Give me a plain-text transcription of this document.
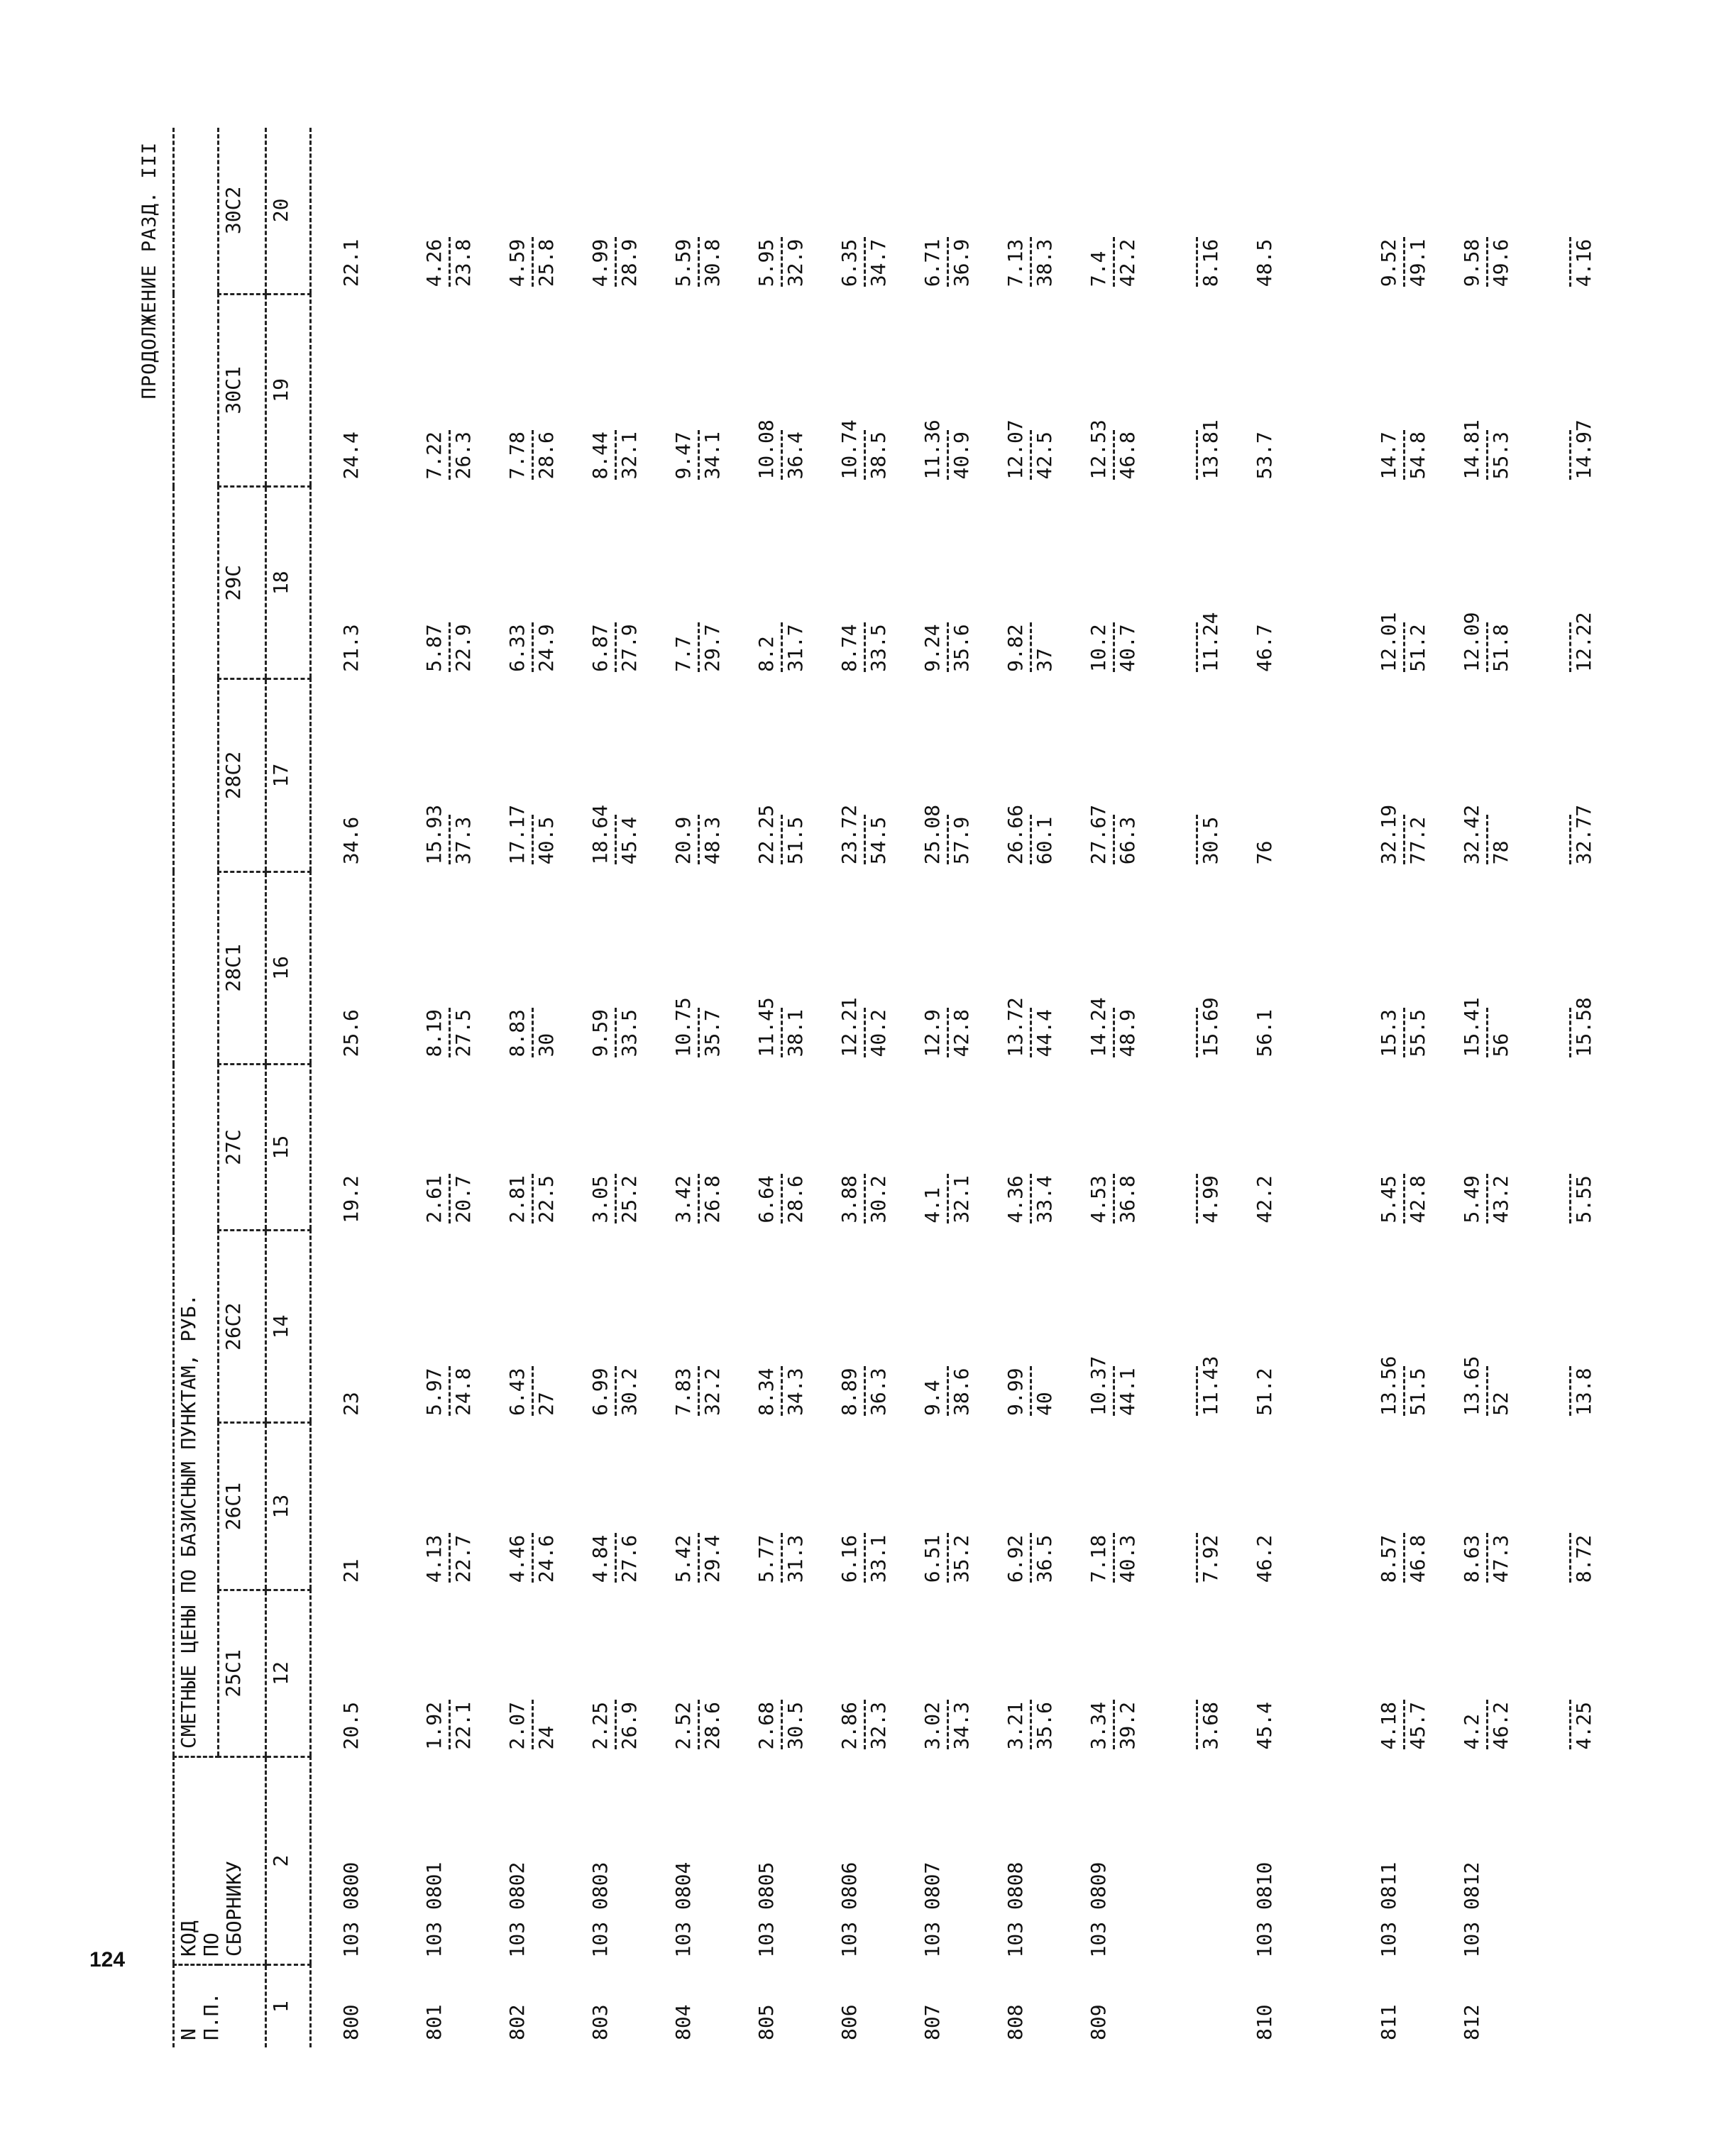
124
ПРОДОЛЖЕНИЕ РАЗД. III
N
П.П.	КОД
ПО
СБОРНИКУ	СМЕТНЫЕ ЦЕНЫ ПО БАЗИСНЫМ ПУНКТАМ, РУБ.								
		25С1	26С1	26С2	27С	28С1	28С2	29С	30С1	30С2
1	2	12	13	14	15	16	17	18	19	20
800	103 0800	20.5	21	23	19.2	25.6	34.6	21.3	24.4	22.1
801	103 0801	1.92 22.1	4.13 22.7	5.97 24.8	2.61 20.7	8.19 27.5	15.93 37.3	5.87 22.9	7.22 26.3	4.26 23.8

802	103 0802	2.07 24	4.46 24.6	6.43 27	2.81 22.5	8.83 30	17.17 40.5	6.33 24.9	7.78 28.6	4.59 25.8

803	103 0803	2.25 26.9	4.84 27.6	6.99 30.2	3.05 25.2	9.59 33.5	18.64 45.4	6.87 27.9	8.44 32.1	4.99 28.9

804	103 0804	2.52 28.6	5.42 29.4	7.83 32.2	3.42 26.8	10.75 35.7	20.9 48.3	7.7 29.7	9.47 34.1	5.59 30.8

805	103 0805	2.68 30.5	5.77 31.3	8.34 34.3	6.64 28.6	11.45 38.1	22.25 51.5	8.2 31.7	10.08 36.4	5.95 32.9

806	103 0806	2.86 32.3	6.16 33.1	8.89 36.3	3.88 30.2	12.21 40.2	23.72 54.5	8.74 33.5	10.74 38.5	6.35 34.7

807	103 0807	3.02 34.3	6.51 35.2	9.4 38.6	4.1 32.1	12.9 42.8	25.08 57.9	9.24 35.6	11.36 40.9	6.71 36.9

808	103 0808	3.21 35.6	6.92 36.5	9.99 40	4.36 33.4	13.72 44.4	26.66 60.1	9.82 37	12.07 42.5	7.13 38.3

809	103 0809	3.34 39.2	7.18 40.3	10.37 44.1	4.53 36.8	14.24 48.9	27.67 66.3	10.2 40.7	12.53 46.8	7.4 42.2

		3.68	7.92	11.43	4.99	15.69	30.5	11.24	13.81	8.16

810	103 0810	45.4	46.2	51.2	42.2	56.1	76	46.7	53.7	48.5
811	103 0811	4.18 45.7	8.57 46.8	13.56 51.5	5.45 42.8	15.3 55.5	32.19 77.2	12.01 51.2	14.7 54.8	9.52 49.1

812	103 0812	4.2 46.2	8.63 47.3	13.65 52	5.49 43.2	15.41 56	32.42 78	12.09 51.8	14.81 55.3	9.58 49.6

		4.25	8.72	13.8	5.55	15.58	32.77	12.22	14.97	4.16
